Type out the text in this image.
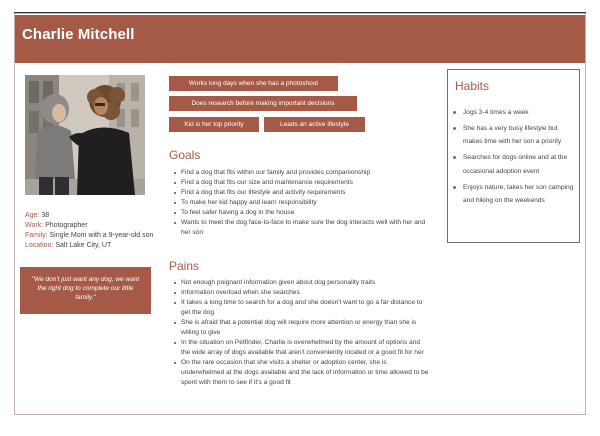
Charlie Mitchell
Age: 38
Work: Photographer
Family: Single Mom with a 9-year-old son
Location: Salt Lake City, UT
"We don't just want any dog, we want the right dog to complete our little family."
Works long days when she has a photoshoot
Does research before making important decisions
Kid is her top priority	Leads an active lifestyle
Goals
Find a dog that fits within our family and provides companionship
Find a dog that fits our size and maintenance requirements
Find a dog that fits our lifestyle and activity requirements
To make her kid happy and learn responsibility
To feel safer having a dog in the house
Wants to meet the dog face-to-face to make sure the dog interacts well with her and her son
Pains
Not enough poignant information given about dog personality traits
Information overload when she searches
It takes a long time to search for a dog and she doesn't want to go a far distance to get the dog
She is afraid that a potential dog will require more attention or energy than she is willing to give
In the situation on Petfinder, Charlie is overwhelmed by the amount of options and the wide array of dogs available that aren't conveniently located or a good fit for her
On the rare occasion that she visits a shelter or adoption center, she is underwhelmed at the dogs available and the lack of information or time allowed to be spent with them to see if it's a good fit
Habits
Jogs 3-4 times a week
She has a very busy lifestyle but makes time with her son a priority
Searches for dogs online and at the occasional adoption event
Enjoys nature, takes her son camping and hiking on the weekends
